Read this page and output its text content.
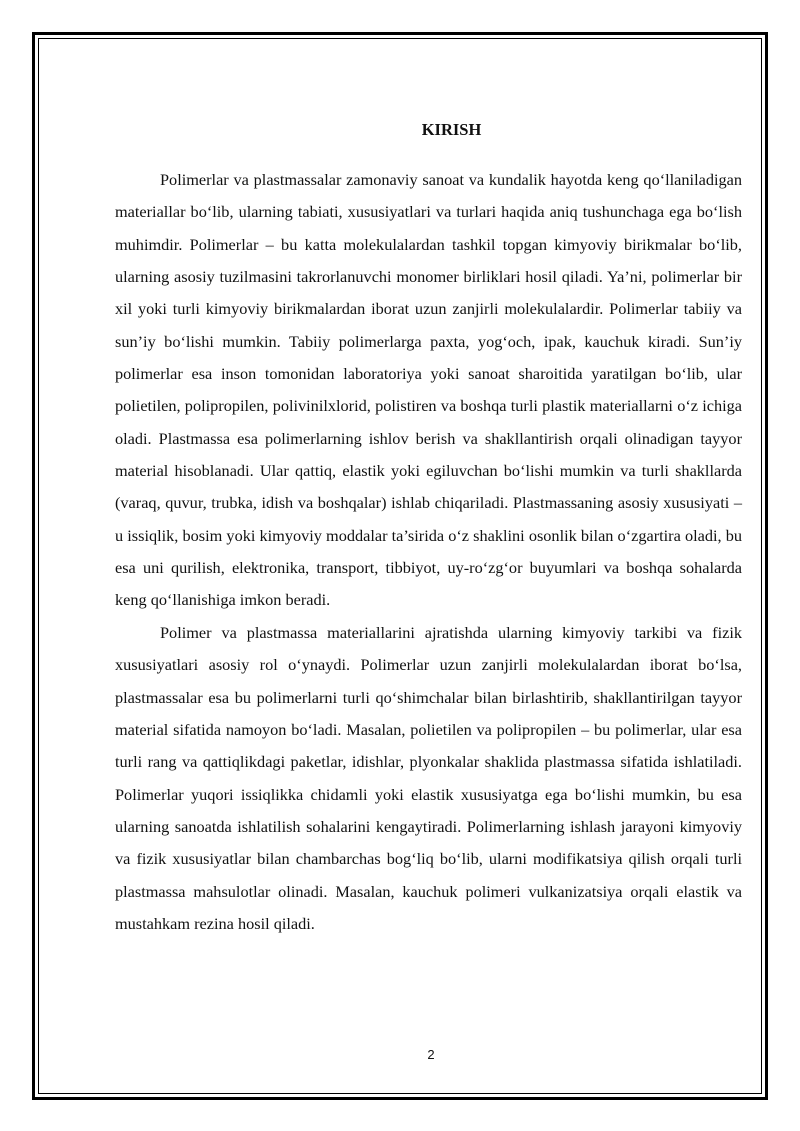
KIRISH

Polimerlar va plastmassalar zamonaviy sanoat va kundalik hayotda keng qo‘llaniladigan materiallar bo‘lib, ularning tabiati, xususiyatlari va turlari haqida aniq tushunchaga ega bo‘lish muhimdir. Polimerlar – bu katta molekulalardan tashkil topgan kimyoviy birikmalar bo‘lib, ularning asosiy tuzilmasini takrorlanuvchi monomer birliklari hosil qiladi. Ya’ni, polimerlar bir xil yoki turli kimyoviy birikmalardan iborat uzun zanjirli molekulalardir. Polimerlar tabiiy va sun’iy bo‘lishi mumkin. Tabiiy polimerlarga paxta, yog‘och, ipak, kauchuk kiradi. Sun’iy polimerlar esa inson tomonidan laboratoriya yoki sanoat sharoitida yaratilgan bo‘lib, ular polietilen, polipropilen, polivinilxlorid, polistiren va boshqa turli plastik materiallarni o‘z ichiga oladi. Plastmassa esa polimerlarning ishlov berish va shakllantirish orqali olinadigan tayyor material hisoblanadi. Ular qattiq, elastik yoki egiluvchan bo‘lishi mumkin va turli shakllarda (varaq, quvur, trubka, idish va boshqalar) ishlab chiqariladi. Plastmassaning asosiy xususiyati – u issiqlik, bosim yoki kimyoviy moddalar ta’sirida o‘z shaklini osonlik bilan o‘zgartira oladi, bu esa uni qurilish, elektronika, transport, tibbiyot, uy-ro‘zg‘or buyumlari va boshqa sohalarda keng qo‘llanishiga imkon beradi.

Polimer va plastmassa materiallarini ajratishda ularning kimyoviy tarkibi va fizik xususiyatlari asosiy rol o‘ynaydi. Polimerlar uzun zanjirli molekulalardan iborat bo‘lsa, plastmassalar esa bu polimerlarni turli qo‘shimchalar bilan birlashtirib, shakllantirilgan tayyor material sifatida namoyon bo‘ladi. Masalan, polietilen va polipropilen – bu polimerlar, ular esa turli rang va qattiqlikdagi paketlar, idishlar, plyonkalar shaklida plastmassa sifatida ishlatiladi. Polimerlar yuqori issiqlikka chidamli yoki elastik xususiyatga ega bo‘lishi mumkin, bu esa ularning sanoatda ishlatilish sohalarini kengaytiradi. Polimerlarning ishlash jarayoni kimyoviy va fizik xususiyatlar bilan chambarchas bog‘liq bo‘lib, ularni modifikatsiya qilish orqali turli plastmassa mahsulotlar olinadi. Masalan, kauchuk polimeri vulkanizatsiya orqali elastik va mustahkam rezina hosil qiladi.

2
